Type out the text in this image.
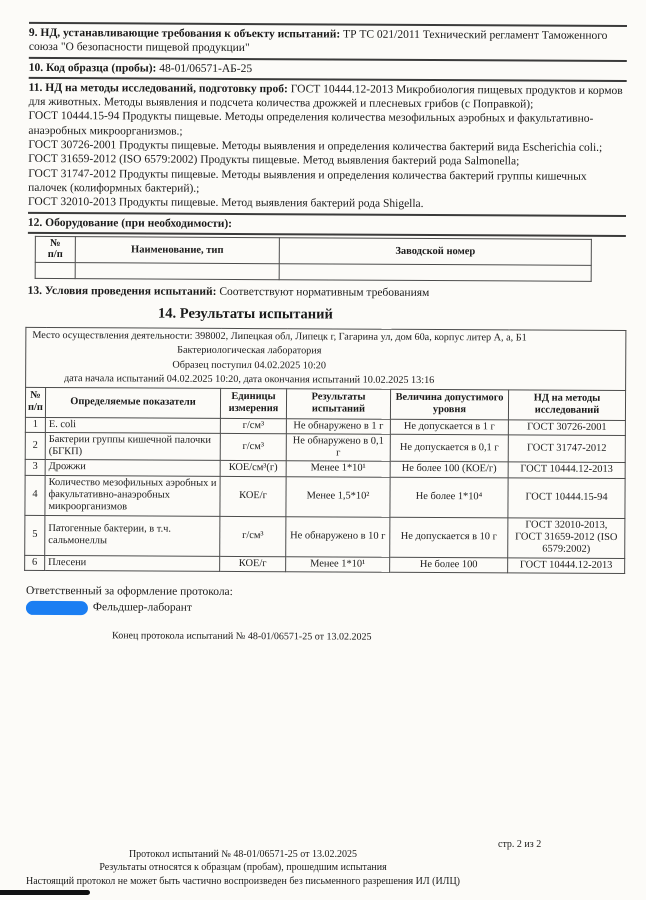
9. НД, устанавливающие требования к объекту испытаний: ТР ТС 021/2011 Технический регламент Таможенного союза "О безопасности пищевой продукции"

10. Код образца (пробы): 48-01/06571-АБ-25

11. НД на методы исследований, подготовку проб: ГОСТ 10444.12-2013 Микробиология пищевых продуктов и кормов для животных. Методы выявления и подсчета количества дрожжей и плесневых грибов (с Поправкой);
ГОСТ 10444.15-94 Продукты пищевые. Методы определения количества мезофильных аэробных и факультативно-анаэробных микроорганизмов.;
ГОСТ 30726-2001 Продукты пищевые. Методы выявления и определения количества бактерий вида Escherichia coli.;
ГОСТ 31659-2012 (ISO 6579:2002) Продукты пищевые. Метод выявления бактерий рода Salmonella;
ГОСТ 31747-2012 Продукты пищевые. Методы выявления и определения количества бактерий группы кишечных палочек (колиформных бактерий).;
ГОСТ 32010-2013 Продукты пищевые. Метод выявления бактерий рода Shigella.

12. Оборудование (при необходимости):

№
п/п	Наименование, тип	Заводской номер

13. Условия проведения испытаний: Соответствуют нормативным требованиям

14. Результаты испытаний
Место осуществления деятельности: 398002, Липецкая обл, Липецк г, Гагарина ул, дом 60а, корпус литер А, а, Б1
Бактериологическая лаборатория
Образец поступил 04.02.2025 10:20
дата начала испытаний 04.02.2025 10:20, дата окончания испытаний 10.02.2025 13:16					

№ п/п	Определяемые показатели	Единицы измерения	Результаты испытаний	Величина допустимого уровня	НД на методы исследований
1	E. coli	г/см³	Не обнаружено в 1 г	Не допускается в 1 г	ГОСТ 30726-2001
2	Бактерии группы кишечной палочки (БГКП)	г/см³	Не обнаружено в 0,1 г	Не допускается в 0,1 г	ГОСТ 31747-2012
3	Дрожжи	КОЕ/см³(г)	Менее 1*10¹	Не более 100 (КОЕ/г)	ГОСТ 10444.12-2013
4	Количество мезофильных аэробных и факультативно-анаэробных микроорганизмов	КОЕ/г	Менее 1,5*10²	Не более 1*10⁴	ГОСТ 10444.15-94
5	Патогенные бактерии, в т.ч. сальмонеллы	г/см³	Не обнаружено в 10 г	Не допускается в 10 г	ГОСТ 32010-2013, ГОСТ 31659-2012 (ISO 6579:2002)
6	Плесени	КОЕ/г	Менее 1*10¹	Не более 100	ГОСТ 10444.12-2013
Ответственный за оформление протокола:
Фельдшер-лаборант
Конец протокола испытаний № 48-01/06571-25 от 13.02.2025
стр. 2 из 2
Протокол испытаний № 48-01/06571-25 от 13.02.2025
Результаты относятся к образцам (пробам), прошедшим испытания
Настоящий протокол не может быть частично воспроизведен без письменного разрешения ИЛ (ИЛЦ)
